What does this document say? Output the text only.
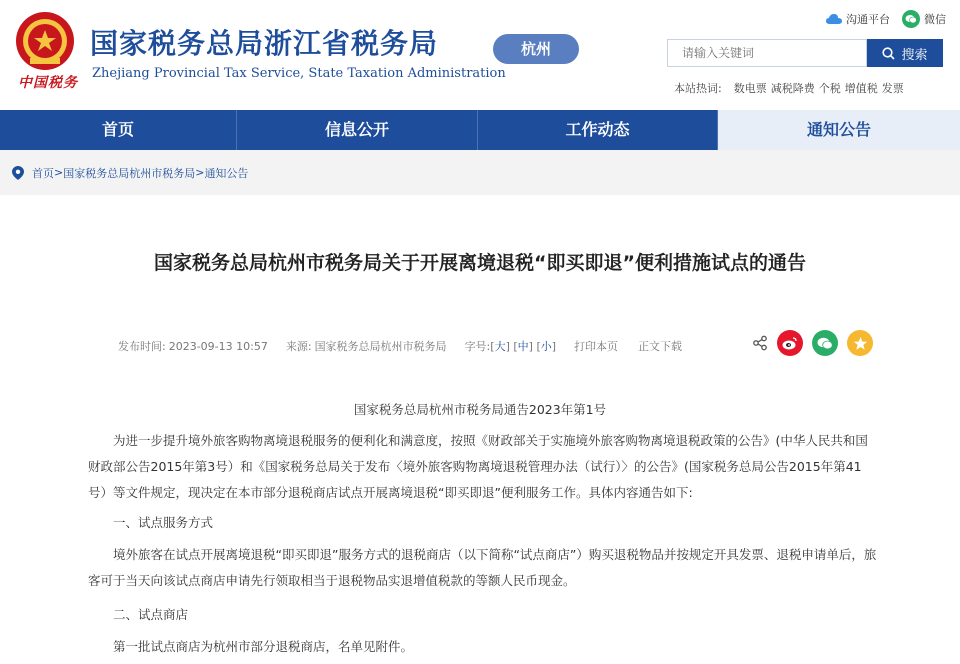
中国税务
国家税务总局浙江省税务局
Zhejiang Provincial Tax Service, State Taxation Administration
杭州
沟通平台	微信
请输入关键词
搜索
本站热词: 数电票 减税降费 个税 增值税 发票
首页	信息公开	工作动态	通知公告
首页 > 国家税务总局杭州市税务局 > 通知公告
国家税务总局杭州市税务局关于开展离境退税“即买即退”便利措施试点的通告
发布时间: 2023-09-13 10:57 来源: 国家税务总局杭州市税务局 字号: [ 大 ] [ 中 ] [ 小 ] 打印本页 正文下载
国家税务总局杭州市税务局通告2023年第1号
为进一步提升境外旅客购物离境退税服务的便利化和满意度，按照《财政部关于实施境外旅客购物离境退税政策的公告》(中华人民共和国财政部公告2015年第3号）和《国家税务总局关于发布〈境外旅客购物离境退税管理办法（试行）〉的公告》(国家税务总局公告2015年第41号）等文件规定，现决定在本市部分退税商店试点开展离境退税“即买即退”便利服务工作。具体内容通告如下:
一、试点服务方式
境外旅客在试点开展离境退税“即买即退”服务方式的退税商店（以下简称“试点商店”）购买退税物品并按规定开具发票、退税申请单后，旅客可于当天向该试点商店申请先行领取相当于退税物品实退增值税款的等额人民币现金。
二、试点商店
第一批试点商店为杭州市部分退税商店，名单见附件。
